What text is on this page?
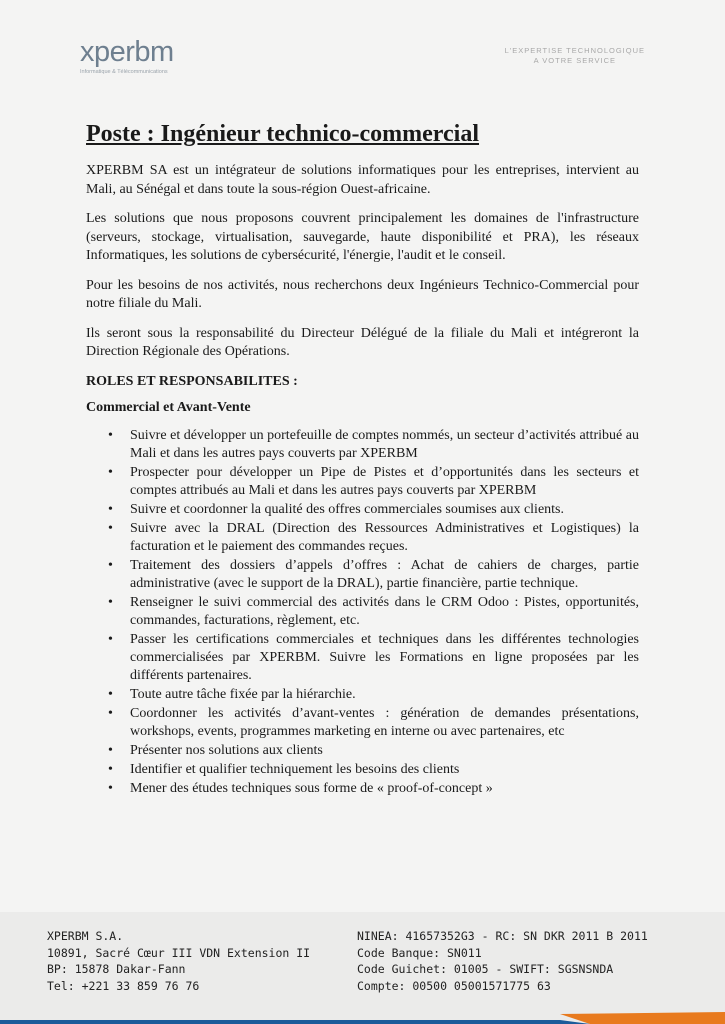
xperbm
Informatique & Télécommunications
L'EXPERTISE TECHNOLOGIQUE
A VOTRE SERVICE
Poste : Ingénieur technico-commercial

XPERBM SA est un intégrateur de solutions informatiques pour les entreprises, intervient au Mali, au Sénégal et dans toute la sous-région Ouest-africaine.

Les solutions que nous proposons couvrent principalement les domaines de l'infrastructure (serveurs, stockage, virtualisation, sauvegarde, haute disponibilité et PRA), les réseaux Informatiques, les solutions de cybersécurité, l'énergie, l'audit et le conseil.

Pour les besoins de nos activités, nous recherchons deux Ingénieurs Technico-Commercial pour notre filiale du Mali.

Ils seront sous la responsabilité du Directeur Délégué de la filiale du Mali et intégreront la Direction Régionale des Opérations.

ROLES ET RESPONSABILITES :
Commercial et Avant-Vente
• Suivre et développer un portefeuille de comptes nommés, un secteur d’activités attribué au Mali et dans les autres pays couverts par XPERBM
• Prospecter pour développer un Pipe de Pistes et d’opportunités dans les secteurs et comptes attribués au Mali et dans les autres pays couverts par XPERBM
• Suivre et coordonner la qualité des offres commerciales soumises aux clients.
• Suivre avec la DRAL (Direction des Ressources Administratives et Logistiques) la facturation et le paiement des commandes reçues.
• Traitement des dossiers d’appels d’offres : Achat de cahiers de charges, partie administrative (avec le support de la DRAL), partie financière, partie technique.
• Renseigner le suivi commercial des activités dans le CRM Odoo : Pistes, opportunités, commandes, facturations, règlement, etc.
• Passer les certifications commerciales et techniques dans les différentes technologies commercialisées par XPERBM. Suivre les Formations en ligne proposées par les différents partenaires.
• Toute autre tâche fixée par la hiérarchie.
• Coordonner les activités d’avant-ventes : génération de demandes présentations, workshops, events, programmes marketing en interne ou avec partenaires, etc
• Présenter nos solutions aux clients
• Identifier et qualifier techniquement les besoins des clients
• Mener des études techniques sous forme de « proof-of-concept »
XPERBM S.A.
10891, Sacré Cœur III VDN Extension II
BP: 15878 Dakar-Fann
Tel: +221 33 859 76 76
NINEA: 41657352G3 - RC: SN DKR 2011 B 2011
Code Banque: SN011
Code Guichet: 01005 - SWIFT: SGSNSNDA
Compte: 00500 05001571775 63
